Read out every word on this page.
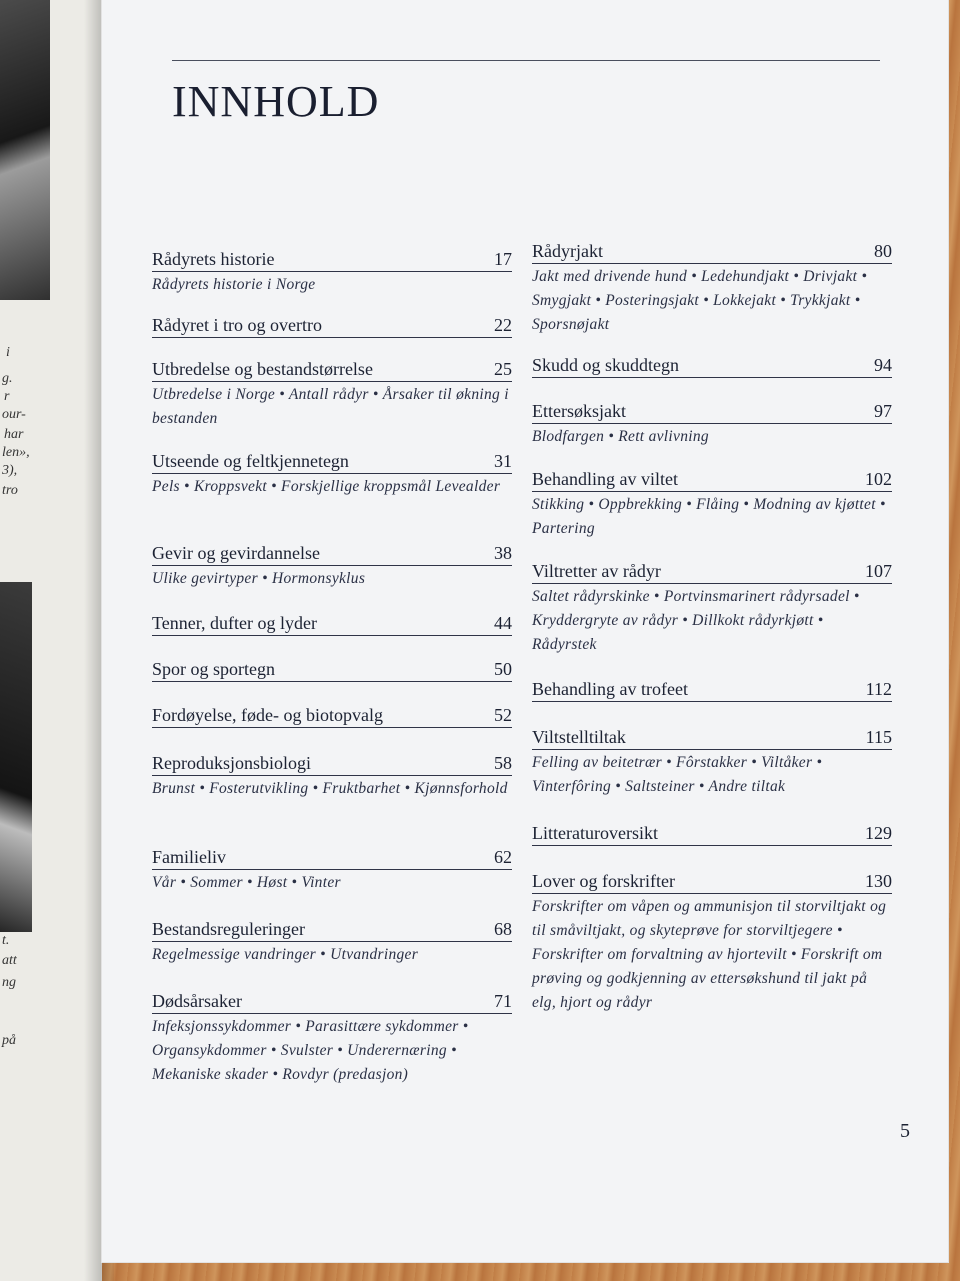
i
g.
r
our-
har
len»,
3),
tro
t.
att
ng
på
INNHOLD
Rådyrets historie	17
Rådyrets historie i Norge
Rådyret i tro og overtro	22
Utbredelse og bestandstørrelse	25
Utbredelse i Norge • Antall rådyr • Årsaker til økning i bestanden
Utseende og feltkjennetegn	31
Pels • Kroppsvekt • Forskjellige kroppsmål Levealder
Gevir og gevirdannelse	38
Ulike gevirtyper • Hormonsyklus
Tenner, dufter og lyder	44
Spor og sportegn	50
Fordøyelse, føde- og biotopvalg	52
Reproduksjonsbiologi	58
Brunst • Fosterutvikling • Fruktbarhet • Kjønnsforhold
Familieliv	62
Vår • Sommer • Høst • Vinter
Bestandsreguleringer	68
Regelmessige vandringer • Utvandringer
Dødsårsaker	71
Infeksjonssykdommer • Parasittære sykdommer • Organsykdommer • Svulster • Underernæring • Mekaniske skader • Rovdyr (predasjon)
Rådyrjakt	80
Jakt med drivende hund • Ledehundjakt • Drivjakt • Smygjakt • Posteringsjakt • Lokkejakt • Trykkjakt • Sporsnøjakt
Skudd og skuddtegn	94
Ettersøksjakt	97
Blodfargen • Rett avlivning
Behandling av viltet	102
Stikking • Oppbrekking • Flåing • Modning av kjøttet • Partering
Viltretter av rådyr	107
Saltet rådyrskinke • Portvinsmarinert rådyrsadel • Kryddergryte av rådyr • Dillkokt rådyrkjøtt • Rådyrstek
Behandling av trofeet	112
Viltstelltiltak	115
Felling av beitetrær • Fôrstakker • Viltåker • Vinterfôring • Saltsteiner • Andre tiltak
Litteraturoversikt	129
Lover og forskrifter	130
Forskrifter om våpen og ammunisjon til storviltjakt og til småviltjakt, og skyteprøve for storviltjegere • Forskrifter om forvaltning av hjortevilt • Forskrift om prøving og godkjenning av ettersøkshund til jakt på elg, hjort og rådyr
5
